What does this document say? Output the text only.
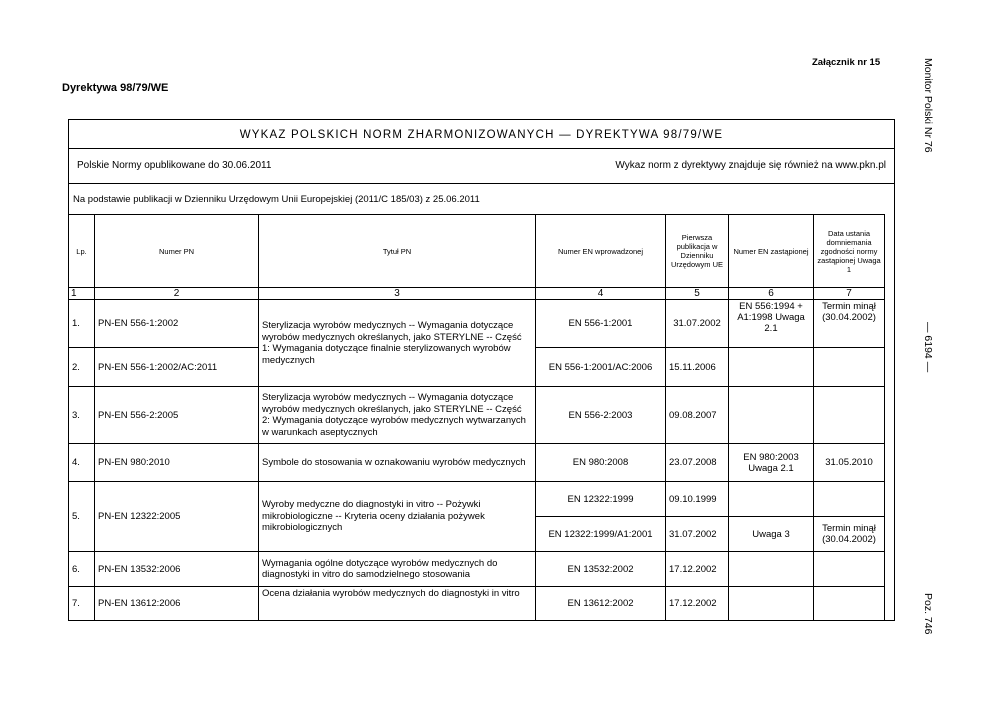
Załącznik nr 15
Dyrektywa 98/79/WE	Monitor Polski Nr 76
— 6194 —
Poz. 746
WYKAZ POLSKICH NORM ZHARMONIZOWANYCH — DYREKTYWA 98/79/WE
Polskie Normy opublikowane do 30.06.2011	Wykaz norm z dyrektywy znajduje się również na www.pkn.pl
Na podstawie publikacji w Dzienniku Urzędowym Unii Europejskiej (2011/C 185/03) z 25.06.2011
Lp.	Numer PN	Tytuł PN	Numer EN wprowadzonej	Pierwsza publikacja w Dzienniku Urzędowym UE	Numer EN zastąpionej	Data ustania domniemania zgodności normy zastąpionej Uwaga 1
1	2	3	4	5	6	7
1.	PN-EN 556-1:2002	Sterylizacja wyrobów medycznych -- Wymagania dotyczące wyrobów medycznych określanych, jako STERYLNE -- Część 1: Wymagania dotyczące finalnie sterylizowanych wyrobów medycznych	EN 556-1:2001	31.07.2002	EN 556:1994 + A1:1998 Uwaga 2.1	Termin minął (30.04.2002)
2.	PN-EN 556-1:2002/AC:2011		EN 556-1:2001/AC:2006	15.11.2006		
3.	PN-EN 556-2:2005	Sterylizacja wyrobów medycznych -- Wymagania dotyczące wyrobów medycznych określanych, jako STERYLNE -- Część 2: Wymagania dotyczące wyrobów medycznych wytwarzanych w warunkach aseptycznych	EN 556-2:2003	09.08.2007		
4.	PN-EN 980:2010	Symbole do stosowania w oznakowaniu wyrobów medycznych	EN 980:2008	23.07.2008	EN 980:2003 Uwaga 2.1	31.05.2010
5.	PN-EN 12322:2005	Wyroby medyczne do diagnostyki in vitro -- Pożywki mikrobiologiczne -- Kryteria oceny działania pożywek mikrobiologicznych	EN 12322:1999	09.10.1999		
			EN 12322:1999/A1:2001	31.07.2002	Uwaga 3	Termin minął (30.04.2002)
6.	PN-EN 13532:2006	Wymagania ogólne dotyczące wyrobów medycznych do diagnostyki in vitro do samodzielnego stosowania	EN 13532:2002	17.12.2002		
7.	PN-EN 13612:2006	Ocena działania wyrobów medycznych do diagnostyki in vitro	EN 13612:2002	17.12.2002		
